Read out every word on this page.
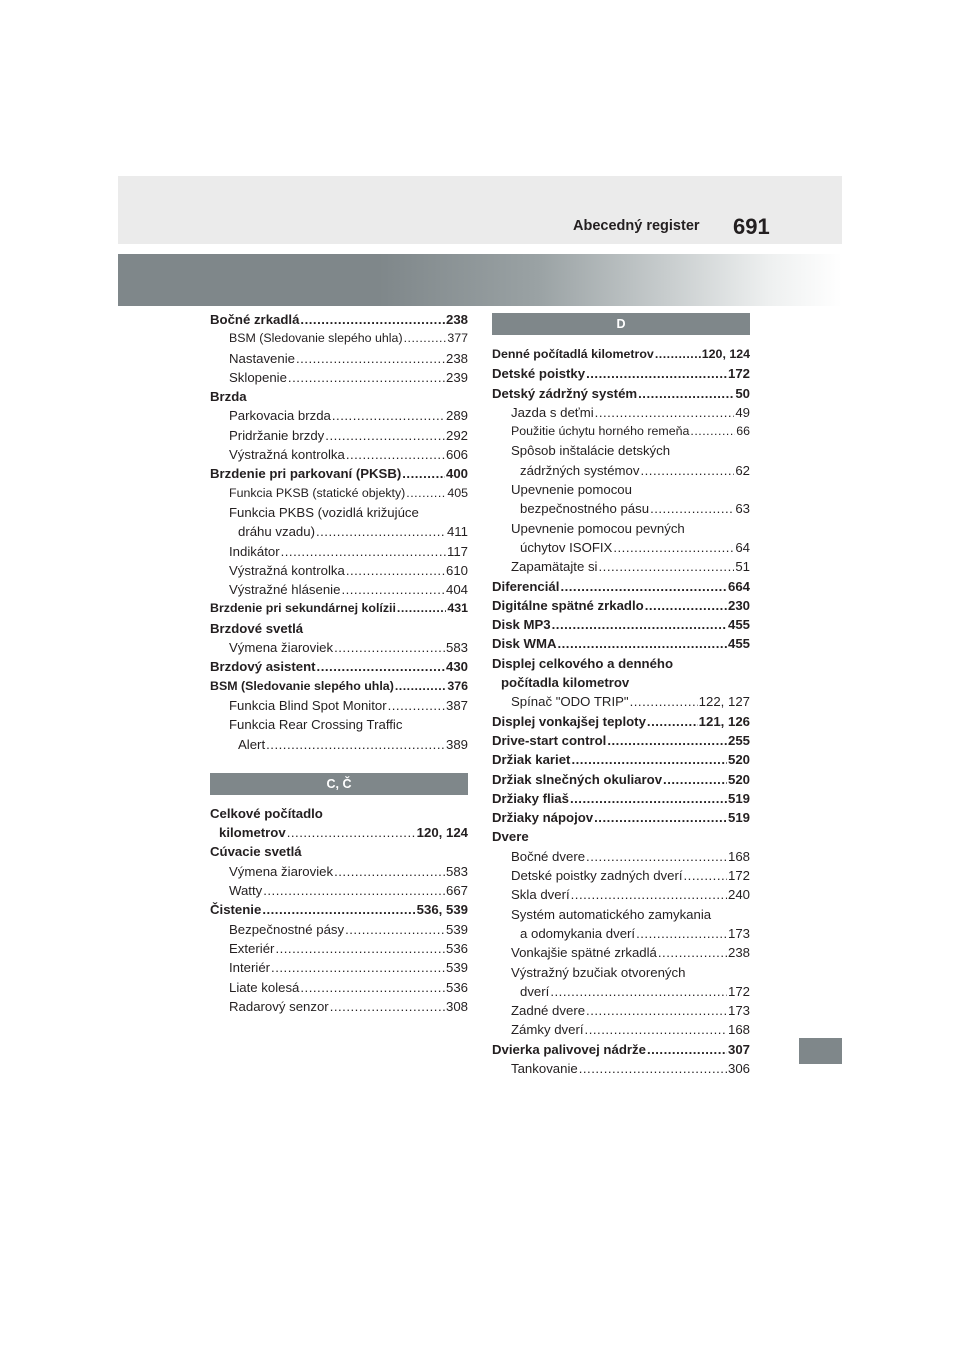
Abecedný register 691
Bočné zrkadlá .....	238
BSM (Sledovanie slepého uhla) .....	377
Nastavenie .....	238
Sklopenie .....	239
Brzda
Parkovacia brzda .....	289
Pridržanie brzdy .....	292
Výstražná kontrolka .....	606
Brzdenie pri parkovaní (PKSB) .....	400
Funkcia PKSB (statické objekty) .....	405
Funkcia PKBS (vozidlá križujúce
dráhu vzadu) .....	411
Indikátor .....	117
Výstražná kontrolka .....	610
Výstražné hlásenie .....	404
Brzdenie pri sekundárnej kolízii .....	431
Brzdové svetlá
Výmena žiaroviek .....	583
Brzdový asistent .....	430
BSM (Sledovanie slepého uhla) .....	376
Funkcia Blind Spot Monitor .....	387
Funkcia Rear Crossing Traffic
Alert .....	389
C, Č
Celkové počítadlo
kilometrov .....	120, 124
Cúvacie svetlá
Výmena žiaroviek .....	583
Watty .....	667
Čistenie .....	536, 539
Bezpečnostné pásy .....	539
Exteriér .....	536
Interiér .....	539
Liate kolesá .....	536
Radarový senzor .....	308
D
Denné počítadlá kilometrov .....	120, 124
Detské poistky .....	172
Detský zádržný systém .....	50
Jazda s deťmi .....	49
Použitie úchytu horného remeňa .....	66
Spôsob inštalácie detských
zádržných systémov .....	62
Upevnenie pomocou
bezpečnostného pásu .....	63
Upevnenie pomocou pevných
úchytov ISOFIX .....	64
Zapamätajte si .....	51
Diferenciál .....	664
Digitálne spätné zrkadlo .....	230
Disk MP3 .....	455
Disk WMA .....	455
Displej celkového a denného
počítadla kilometrov
Spínač "ODO TRIP" .....	122, 127
Displej vonkajšej teploty .....	121, 126
Drive-start control .....	255
Držiak kariet .....	520
Držiak slnečných okuliarov .....	520
Držiaky fliaš .....	519
Držiaky nápojov .....	519
Dvere
Bočné dvere .....	168
Detské poistky zadných dverí .....	172
Skla dverí .....	240
Systém automatického zamykania
a odomykania dverí .....	173
Vonkajšie spätné zrkadlá .....	238
Výstražný bzučiak otvorených
dverí .....	172
Zadné dvere .....	173
Zámky dverí .....	168
Dvierka palivovej nádrže .....	307
Tankovanie .....	306
